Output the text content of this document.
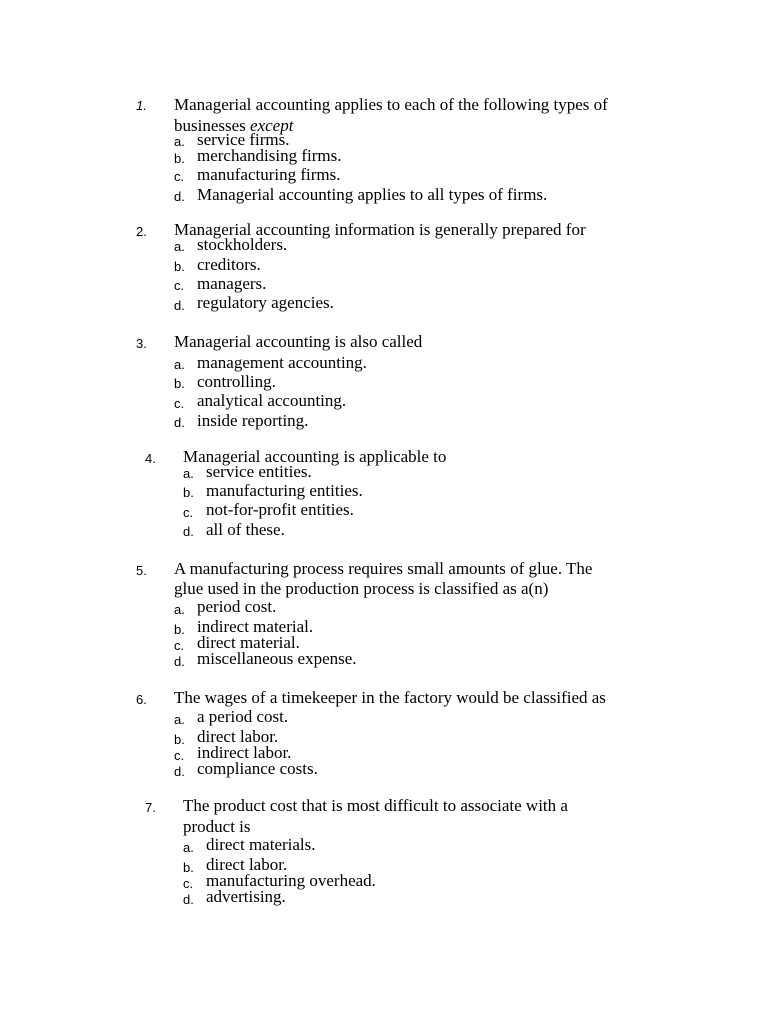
1. Managerial accounting applies to each of the following types of
businesses except
a. service firms.
b. merchandising firms.
c. manufacturing firms.
d. Managerial accounting applies to all types of firms.
2. Managerial accounting information is generally prepared for
a. stockholders.
b. creditors.
c. managers.
d. regulatory agencies.
3. Managerial accounting is also called
a. management accounting.
b. controlling.
c. analytical accounting.
d. inside reporting.
4. Managerial accounting is applicable to
a. service entities.
b. manufacturing entities.
c. not-for-profit entities.
d. all of these.
5. A manufacturing process requires small amounts of glue. The
glue used in the production process is classified as a(n)
a. period cost.
b. indirect material.
c. direct material.
d. miscellaneous expense.
6. The wages of a timekeeper in the factory would be classified as
a. a period cost.
b. direct labor.
c. indirect labor.
d. compliance costs.
7. The product cost that is most difficult to associate with a
product is
a. direct materials.
b. direct labor.
c. manufacturing overhead.
d. advertising.
